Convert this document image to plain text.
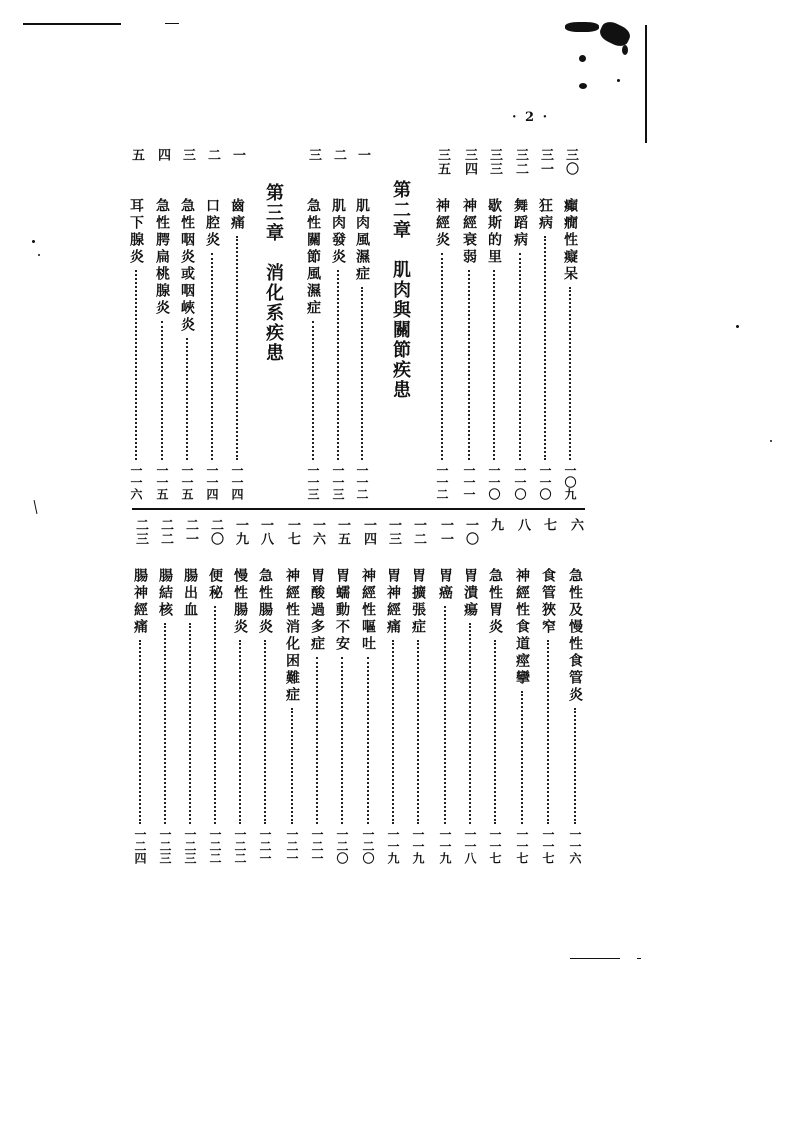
· 2 ·
三〇
癲癇性癡呆
一〇九
三一
狂病
一一〇
三二
舞蹈病
一一〇
三三
歇斯的里
一一〇
三四
神經衰弱
一一一
三五
神經炎
一一二
第二章　肌肉與關節疾患
一
肌肉風濕症
一一二
二
肌肉發炎
一一三
三
急性關節風濕症
一一三
第三章　消化系疾患
一
齒痛
一一四
二
口腔炎
一一四
三
急性咽炎或咽峽炎
一一五
四
急性腭扁桃腺炎
一一五
五
耳下腺炎
一一六
六
急性及慢性食管炎
一一六
七
食管狹窄
一一七
八
神經性食道痙攣
一一七
九
急性胃炎
一一七
一〇
胃潰瘍
一一八
一一
胃癌
一一九
一二
胃擴張症
一一九
一三
胃神經痛
一一九
一四
神經性嘔吐
一二〇
一五
胃蠕動不安
一二〇
一六
胃酸過多症
一二一
一七
神經性消化困難症
一二一
一八
急性腸炎
一二一
一九
慢性腸炎
一二二
二〇
便秘
一二二
二一
腸出血
一二三
二二
腸結核
一二三
二三
腸神經痛
一二四
